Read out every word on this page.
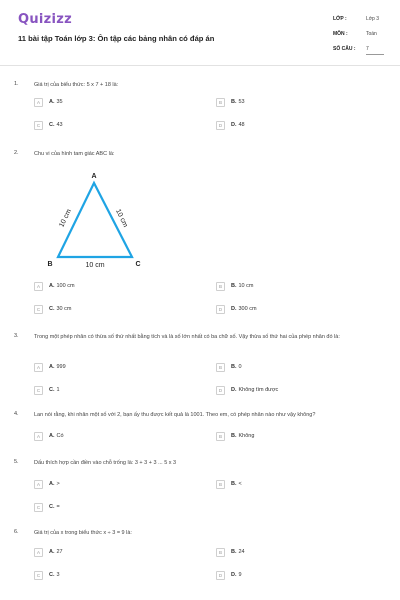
Quizizz
11 bài tập Toán lớp 3: Ôn tập các bảng nhân có đáp án
LỚP :	Lớp 3
MÔN :	Toán
SỐ CÂU : 7
1.	Giá trị của biểu thức: 5 x 7 + 18 là:
A	A. 35	B	B. 53
C	C. 43	D	D. 48
2.	Chu vi của hình tam giác ABC là:
A
B	C
10 cm	10 cm
10 cm
A	A. 100 cm	B	B. 10 cm
C	C. 30 cm	D	D. 300 cm
3.	Trong một phép nhân có thừa số thứ nhất bằng tích và là số lớn nhất có ba chữ số. Vậy thừa số thứ hai của phép nhân đó là:
A	A. 999	B	B. 0
C	C. 1	D	D. Không tìm được
4.	Lan nói rằng, khi nhân một số với 2, bạn ấy thu được kết quả là 1001. Theo em, có phép nhân nào như vậy không?
A	A. Có	B	B. Không
5.	Dấu thích hợp cần điền vào chỗ trống là: 3 + 3 + 3 ... 5 x 3
A	A. >	B	B. <
C	C. =
6.	Giá trị của x trong biểu thức x ÷ 3 = 9 là:
A	A. 27	B	B. 24
C	C. 3	D	D. 9
